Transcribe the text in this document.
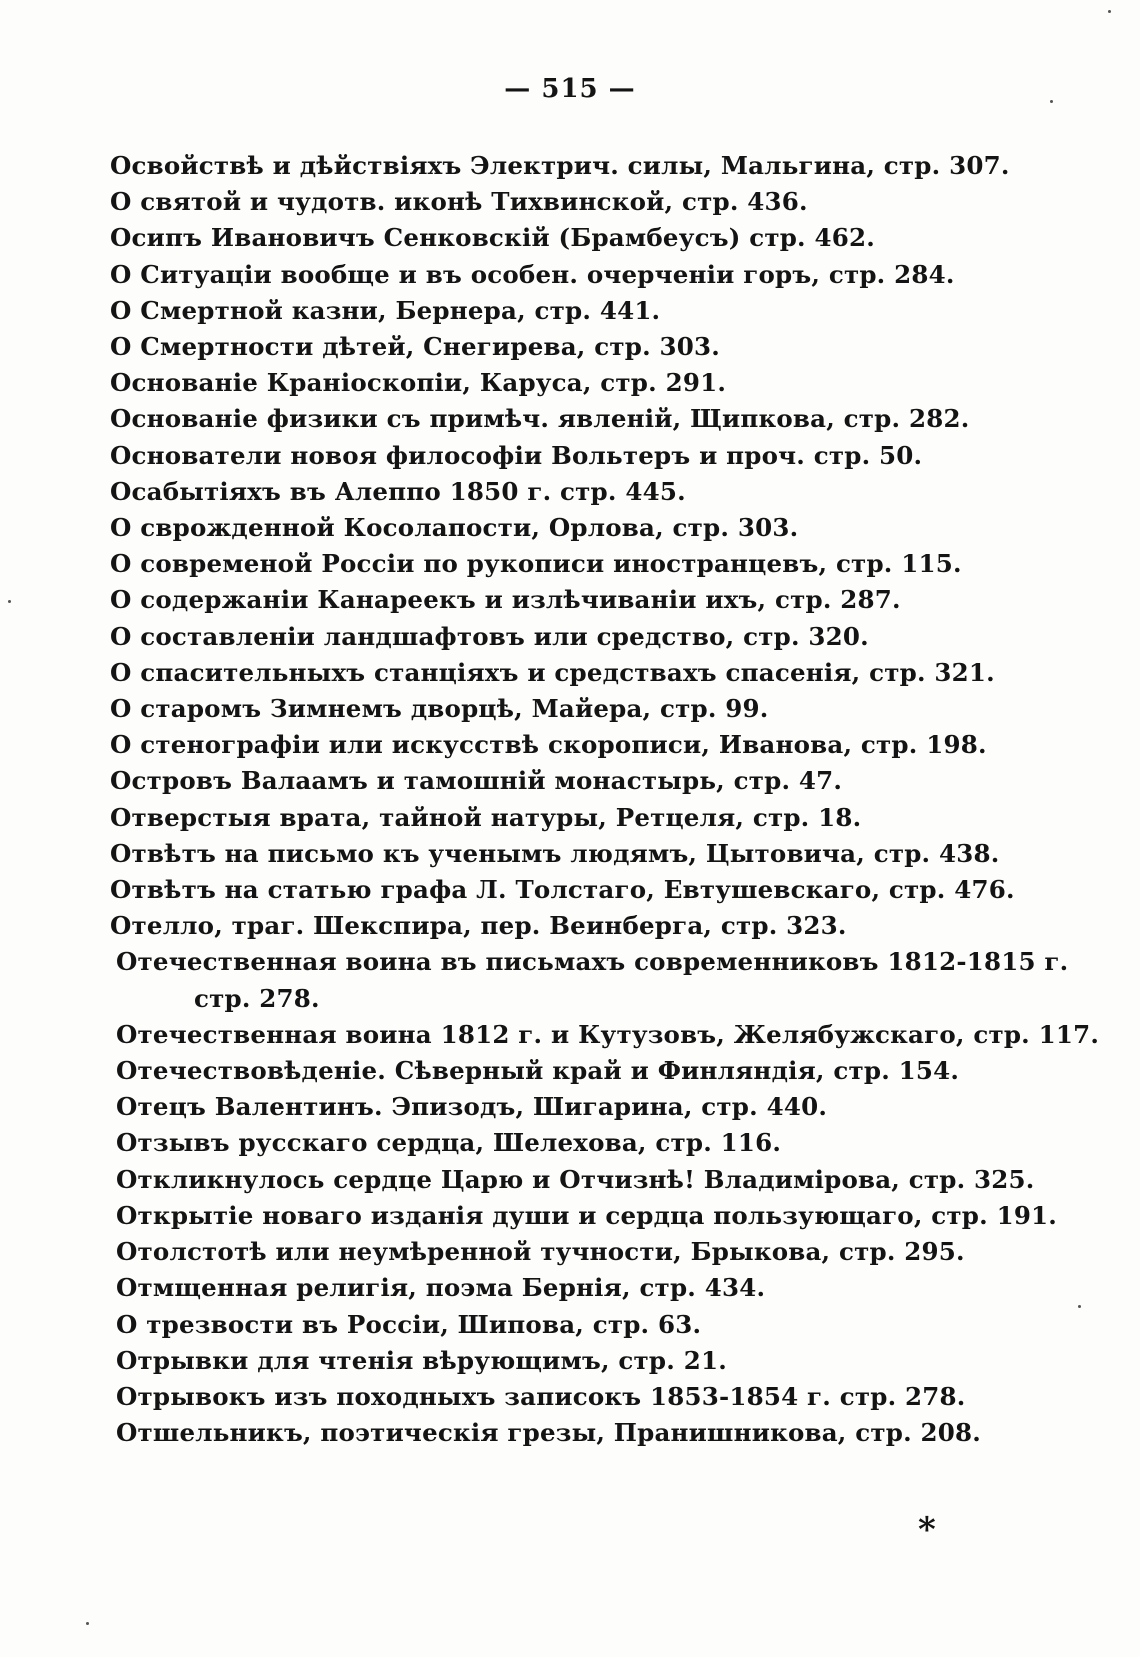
— 515 —
Освойствѣ и дѣйствіяхъ Электрич. силы, Мальгина, стр. 307.
О святой и чудотв. иконѣ Тихвинской, стр. 436.
Осипъ Ивановичъ Сенковскій (Брамбеусъ) стр. 462.
О Ситуаціи вообще и въ особен. очерченіи горъ, стр. 284.
О Смертной казни, Бернера, стр. 441.
О Смертности дѣтей, Снегирева, стр. 303.
Основаніе Краніоскопіи, Каруса, стр. 291.
Основаніе физики съ примѣч. явленій, Щипкова, стр. 282.
Основатели новоя философіи Вольтеръ и проч. стр. 50.
Осабытіяхъ въ Алеппо 1850 г. стр. 445.
О сврожденной Косолапости, Орлова, стр. 303.
О современой Россіи по рукописи иностранцевъ, стр. 115.
О содержаніи Канареекъ и излѣчиваніи ихъ, стр. 287.
О составленіи ландшафтовъ или средство, стр. 320.
О спасительныхъ станціяхъ и средствахъ спасенія, стр. 321.
О старомъ Зимнемъ дворцѣ, Майера, стр. 99.
О стенографіи или искусствѣ скорописи, Иванова, стр. 198.
Островъ Валаамъ и тамошній монастырь, стр. 47.
Отверстыя врата, тайной натуры, Ретцеля, стр. 18.
Отвѣтъ на письмо къ ученымъ людямъ, Цытовича, стр. 438.
Отвѣтъ на статью графа Л. Толстаго, Евтушевскаго, стр. 476.
Отелло, траг. Шекспира, пер. Веинберга, стр. 323.
Отечественная воина въ письмахъ современниковъ 1812-1815 г.
стр. 278.
Отечественная воина 1812 г. и Кутузовъ, Желябужскаго, стр. 117.
Отечествовѣденіе. Сѣверный край и Финляндія, стр. 154.
Отецъ Валентинъ. Эпизодъ, Шигарина, стр. 440.
Отзывъ русскаго сердца, Шелехова, стр. 116.
Откликнулось сердце Царю и Отчизнѣ! Владиміровa, стр. 325.
Открытіе новаго изданія души и сердца пользующаго, стр. 191.
Отолстотѣ или неумѣренной тучности, Брыкова, стр. 295.
Отмщенная религія, поэма Бернія, стр. 434.
О трезвости въ Россіи, Шипова, стр. 63.
Отрывки для чтенія вѣрующимъ, стр. 21.
Отрывокъ изъ походныхъ записокъ 1853-1854 г. стр. 278.
Отшельникъ, поэтическія грезы, Пранишникова, стр. 208.
*
